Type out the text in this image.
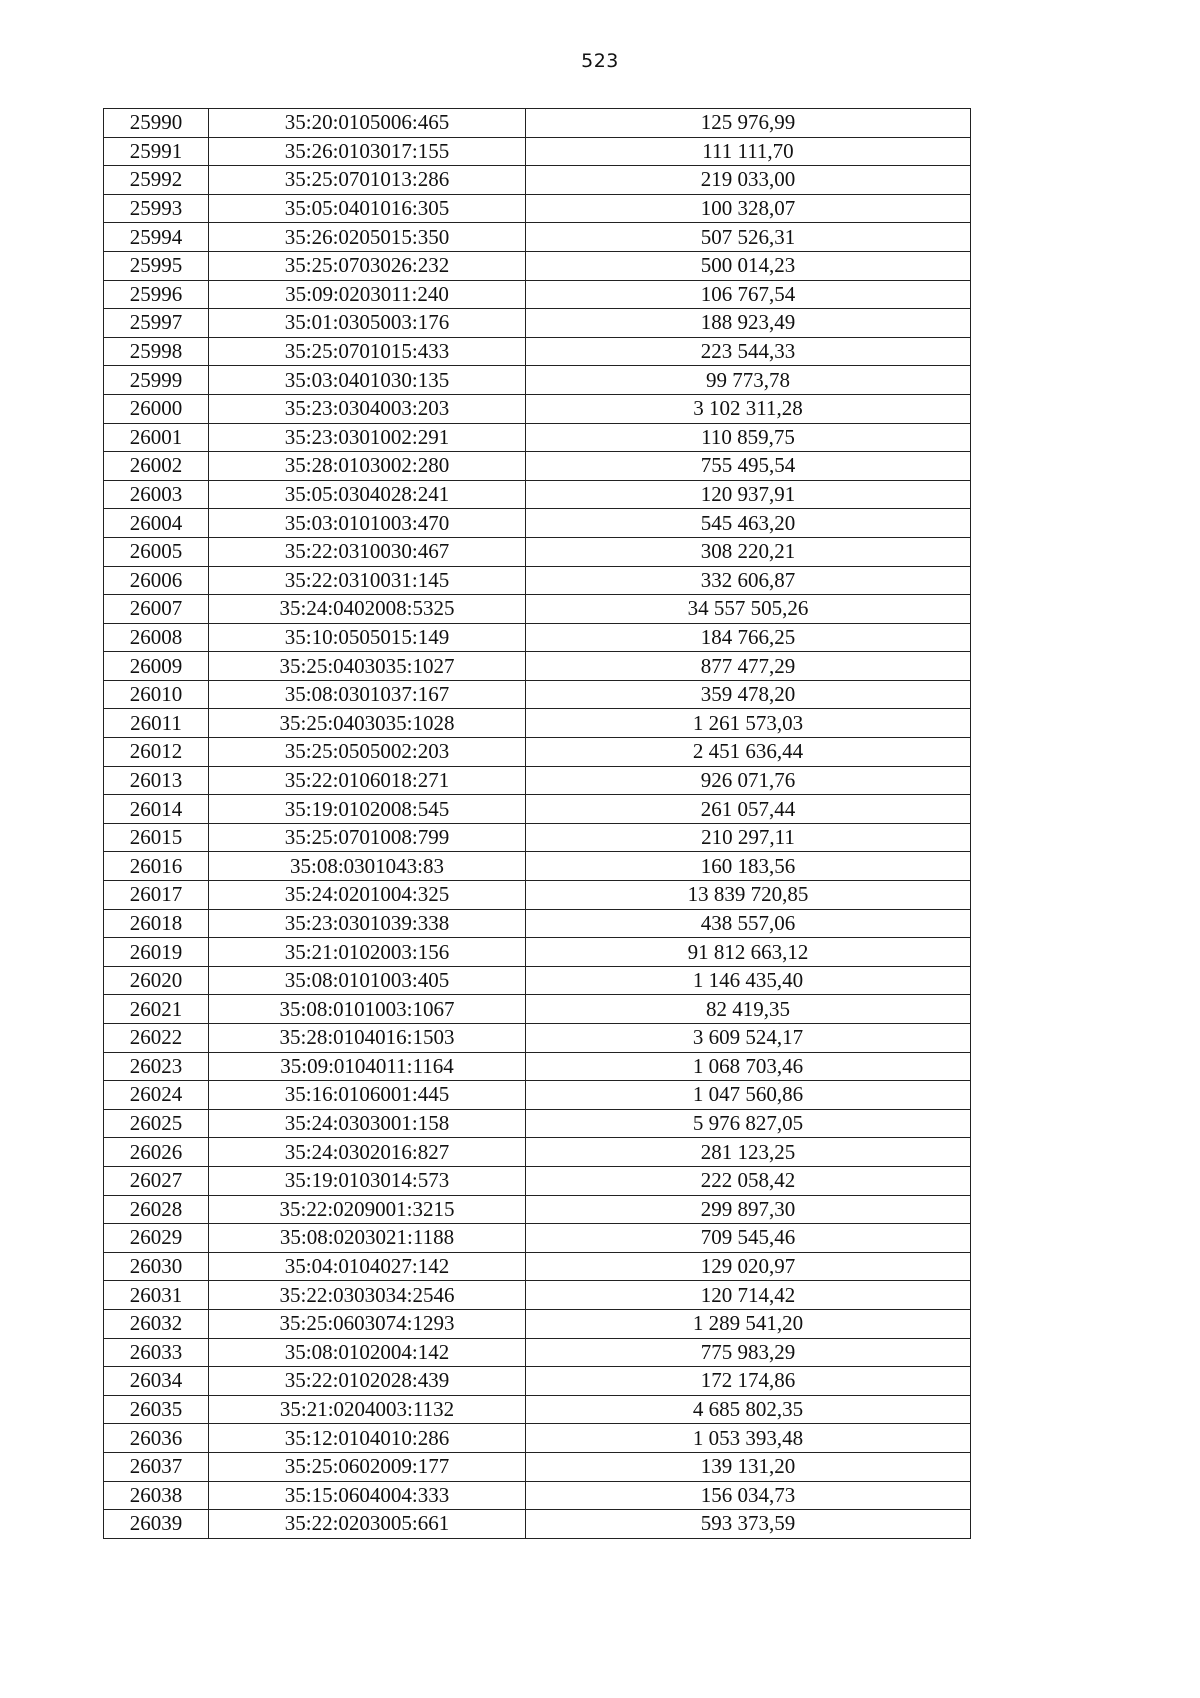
523
25990	35:20:0105006:465	125 976,99
25991	35:26:0103017:155	111 111,70
25992	35:25:0701013:286	219 033,00
25993	35:05:0401016:305	100 328,07
25994	35:26:0205015:350	507 526,31
25995	35:25:0703026:232	500 014,23
25996	35:09:0203011:240	106 767,54
25997	35:01:0305003:176	188 923,49
25998	35:25:0701015:433	223 544,33
25999	35:03:0401030:135	99 773,78
26000	35:23:0304003:203	3 102 311,28
26001	35:23:0301002:291	110 859,75
26002	35:28:0103002:280	755 495,54
26003	35:05:0304028:241	120 937,91
26004	35:03:0101003:470	545 463,20
26005	35:22:0310030:467	308 220,21
26006	35:22:0310031:145	332 606,87
26007	35:24:0402008:5325	34 557 505,26
26008	35:10:0505015:149	184 766,25
26009	35:25:0403035:1027	877 477,29
26010	35:08:0301037:167	359 478,20
26011	35:25:0403035:1028	1 261 573,03
26012	35:25:0505002:203	2 451 636,44
26013	35:22:0106018:271	926 071,76
26014	35:19:0102008:545	261 057,44
26015	35:25:0701008:799	210 297,11
26016	35:08:0301043:83	160 183,56
26017	35:24:0201004:325	13 839 720,85
26018	35:23:0301039:338	438 557,06
26019	35:21:0102003:156	91 812 663,12
26020	35:08:0101003:405	1 146 435,40
26021	35:08:0101003:1067	82 419,35
26022	35:28:0104016:1503	3 609 524,17
26023	35:09:0104011:1164	1 068 703,46
26024	35:16:0106001:445	1 047 560,86
26025	35:24:0303001:158	5 976 827,05
26026	35:24:0302016:827	281 123,25
26027	35:19:0103014:573	222 058,42
26028	35:22:0209001:3215	299 897,30
26029	35:08:0203021:1188	709 545,46
26030	35:04:0104027:142	129 020,97
26031	35:22:0303034:2546	120 714,42
26032	35:25:0603074:1293	1 289 541,20
26033	35:08:0102004:142	775 983,29
26034	35:22:0102028:439	172 174,86
26035	35:21:0204003:1132	4 685 802,35
26036	35:12:0104010:286	1 053 393,48
26037	35:25:0602009:177	139 131,20
26038	35:15:0604004:333	156 034,73
26039	35:22:0203005:661	593 373,59
